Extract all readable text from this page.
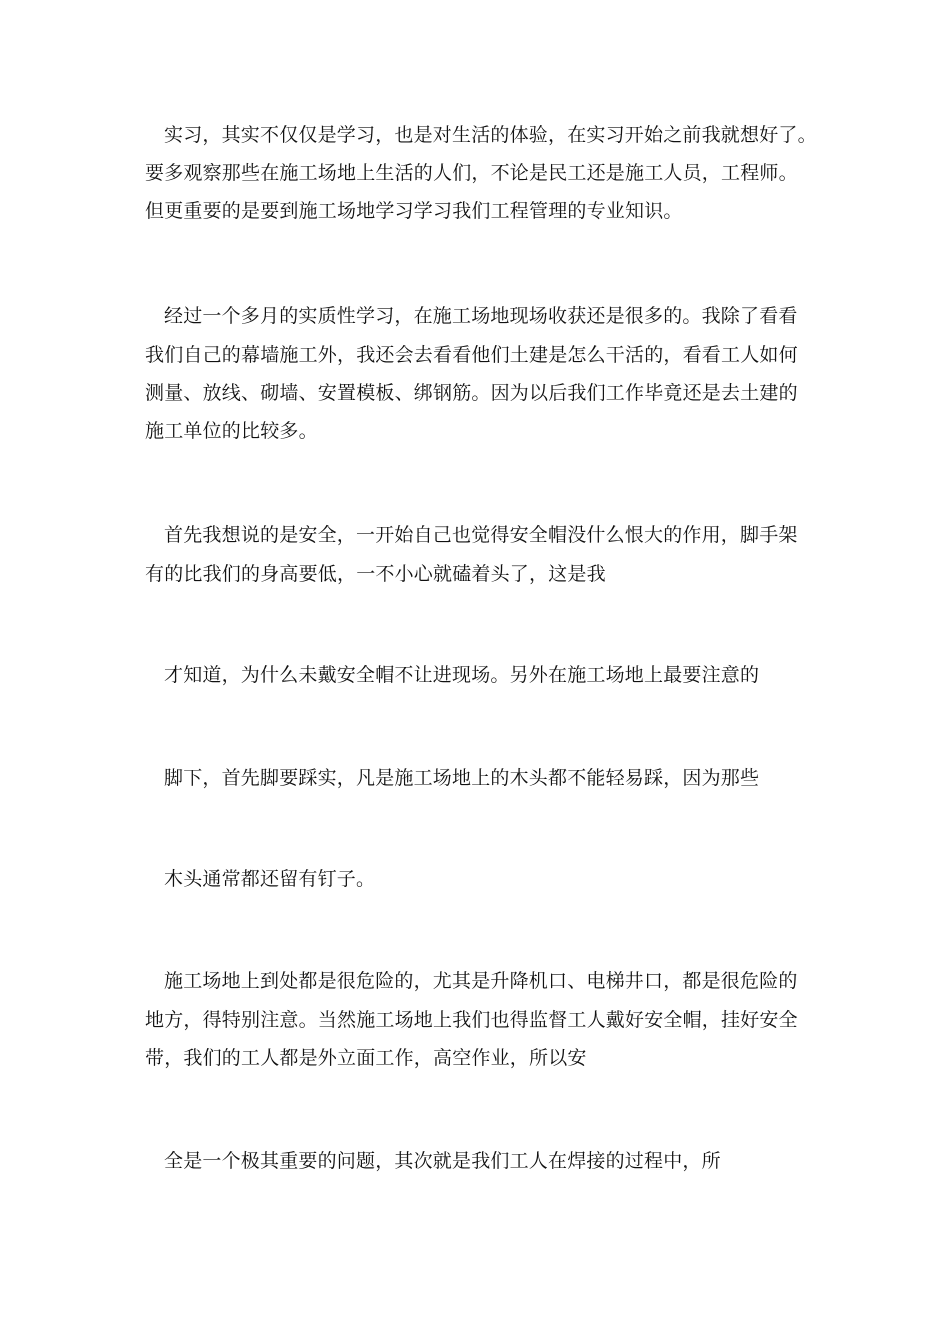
实习，其实不仅仅是学习，也是对生活的体验，在实习开始之前我就想好了。
要多观察那些在施工场地上生活的人们，不论是民工还是施工人员，工程师。
但更重要的是要到施工场地学习学习我们工程管理的专业知识。
经过一个多月的实质性学习，在施工场地现场收获还是很多的。我除了看看
我们自己的幕墙施工外，我还会去看看他们土建是怎么干活的，看看工人如何
测量、放线、砌墙、安置模板、绑钢筋。因为以后我们工作毕竟还是去土建的
施工单位的比较多。
首先我想说的是安全，一开始自己也觉得安全帽没什么恨大的作用，脚手架
有的比我们的身高要低，一不小心就磕着头了，这是我
才知道，为什么未戴安全帽不让进现场。另外在施工场地上最要注意的
脚下，首先脚要踩实，凡是施工场地上的木头都不能轻易踩，因为那些
木头通常都还留有钉子。
施工场地上到处都是很危险的，尤其是升降机口、电梯井口，都是很危险的
地方，得特别注意。当然施工场地上我们也得监督工人戴好安全帽，挂好安全
带，我们的工人都是外立面工作，高空作业，所以安
全是一个极其重要的问题，其次就是我们工人在焊接的过程中，所
